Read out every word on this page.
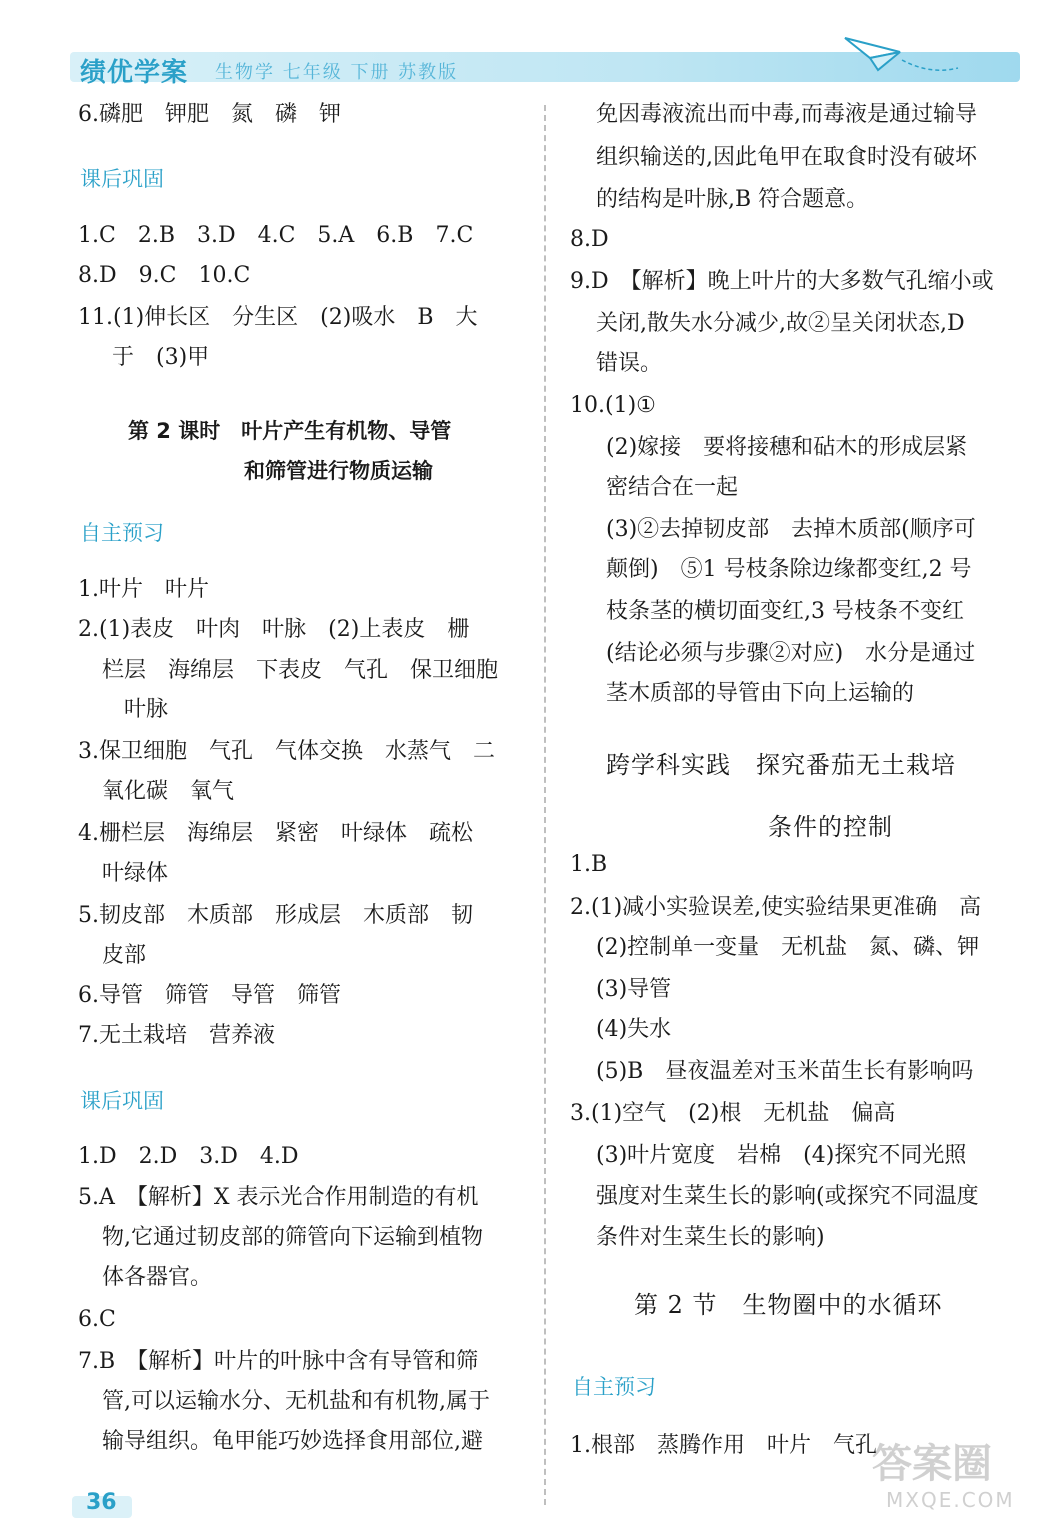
绩优学案 生物学 七年级 下册 苏教版
6.磷肥　钾肥　氮　磷　钾
课后巩固
1.C　2.B　3.D　4.C　5.A　6.B　7.C
8.D　9.C　10.C
11.(1)伸长区　分生区　(2)吸水　B　大
于　(3)甲
第 2 课时　叶片产生有机物、导管
和筛管进行物质运输
自主预习
1.叶片　叶片
2.(1)表皮　叶肉　叶脉　(2)上表皮　栅
栏层　海绵层　下表皮　气孔　保卫细胞
叶脉
3.保卫细胞　气孔　气体交换　水蒸气　二
氧化碳　氧气
4.栅栏层　海绵层　紧密　叶绿体　疏松
叶绿体
5.韧皮部　木质部　形成层　木质部　韧
皮部
6.导管　筛管　导管　筛管
7.无土栽培　营养液
课后巩固
1.D　2.D　3.D　4.D
5.A　【解析】X 表示光合作用制造的有机
物,它通过韧皮部的筛管向下运输到植物
体各器官。
6.C
7.B　【解析】叶片的叶脉中含有导管和筛
管,可以运输水分、无机盐和有机物,属于
输导组织。龟甲能巧妙选择食用部位,避
免因毒液流出而中毒,而毒液是通过输导
组织输送的,因此龟甲在取食时没有破坏
的结构是叶脉,B 符合题意。
8.D
9.D　【解析】晚上叶片的大多数气孔缩小或
关闭,散失水分减少,故②呈关闭状态,D
错误。
10.(1)①
(2)嫁接　要将接穗和砧木的形成层紧
密结合在一起
(3)②去掉韧皮部　去掉木质部(顺序可
颠倒)　⑤1 号枝条除边缘都变红,2 号
枝条茎的横切面变红,3 号枝条不变红
(结论必须与步骤②对应)　水分是通过
茎木质部的导管由下向上运输的
跨学科实践　探究番茄无土栽培
条件的控制
1.B
2.(1)减小实验误差,使实验结果更准确　高
(2)控制单一变量　无机盐　氮、磷、钾
(3)导管
(4)失水
(5)B　昼夜温差对玉米苗生长有影响吗
3.(1)空气　(2)根　无机盐　偏高
(3)叶片宽度　岩棉　(4)探究不同光照
强度对生菜生长的影响(或探究不同温度
条件对生菜生长的影响)
第 2 节　生物圈中的水循环
自主预习
1.根部　蒸腾作用　叶片　气孔
36
答案圈
MXQE.COM
